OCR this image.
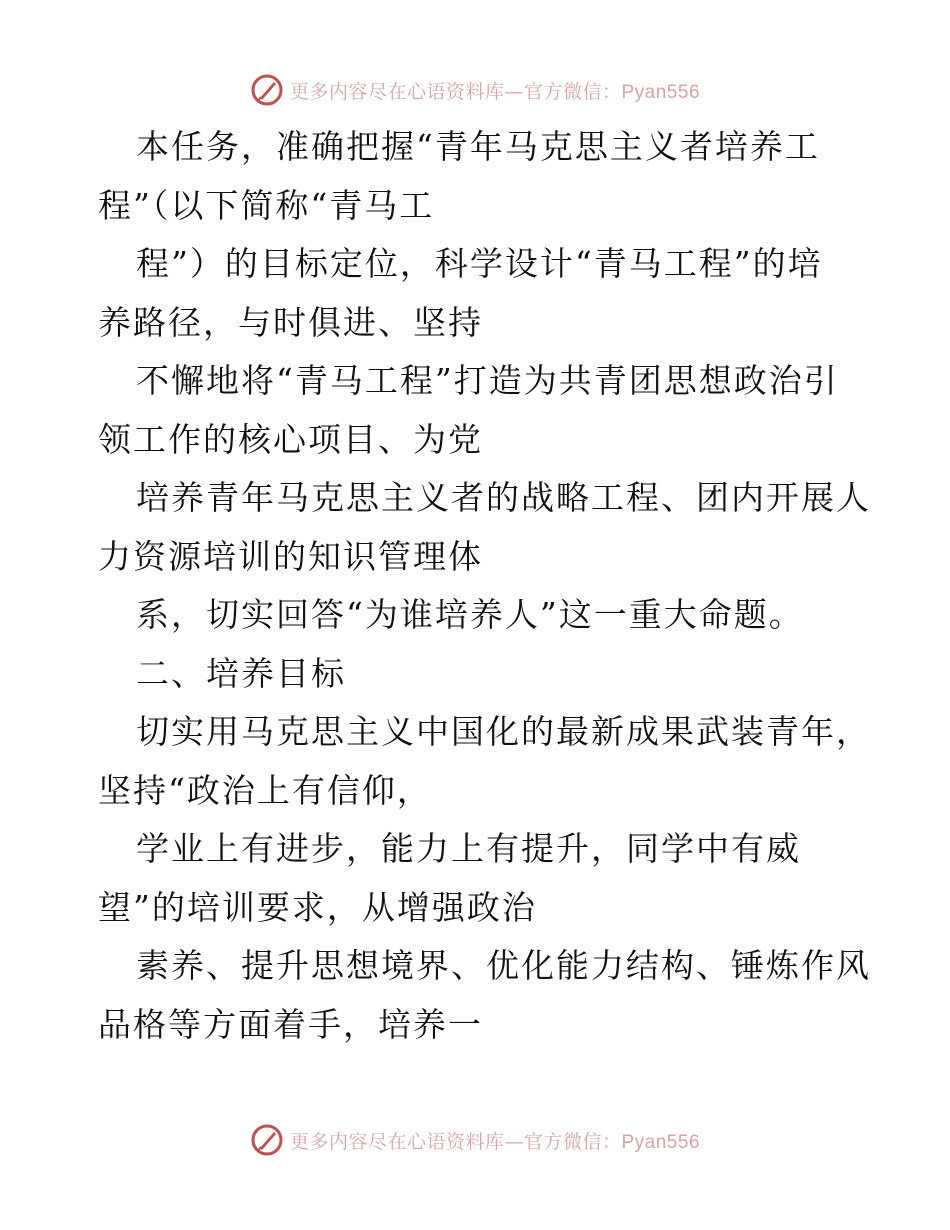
更多内容尽在心语资料库—官方微信：Pyan556
本任务，准确把握“青年马克思主义者培养工
程”（以下简称“青马工
程”）的目标定位，科学设计“青马工程”的培
养路径，与时俱进、坚持
不懈地将“青马工程”打造为共青团思想政治引
领工作的核心项目、为党
培养青年马克思主义者的战略工程、团内开展人
力资源培训的知识管理体
系，切实回答“为谁培养人”这一重大命题。
二、培养目标
切实用马克思主义中国化的最新成果武装青年，
坚持“政治上有信仰，
学业上有进步，能力上有提升，同学中有威
望”的培训要求，从增强政治
素养、提升思想境界、优化能力结构、锤炼作风
品格等方面着手，培养一
更多内容尽在心语资料库—官方微信：Pyan556
